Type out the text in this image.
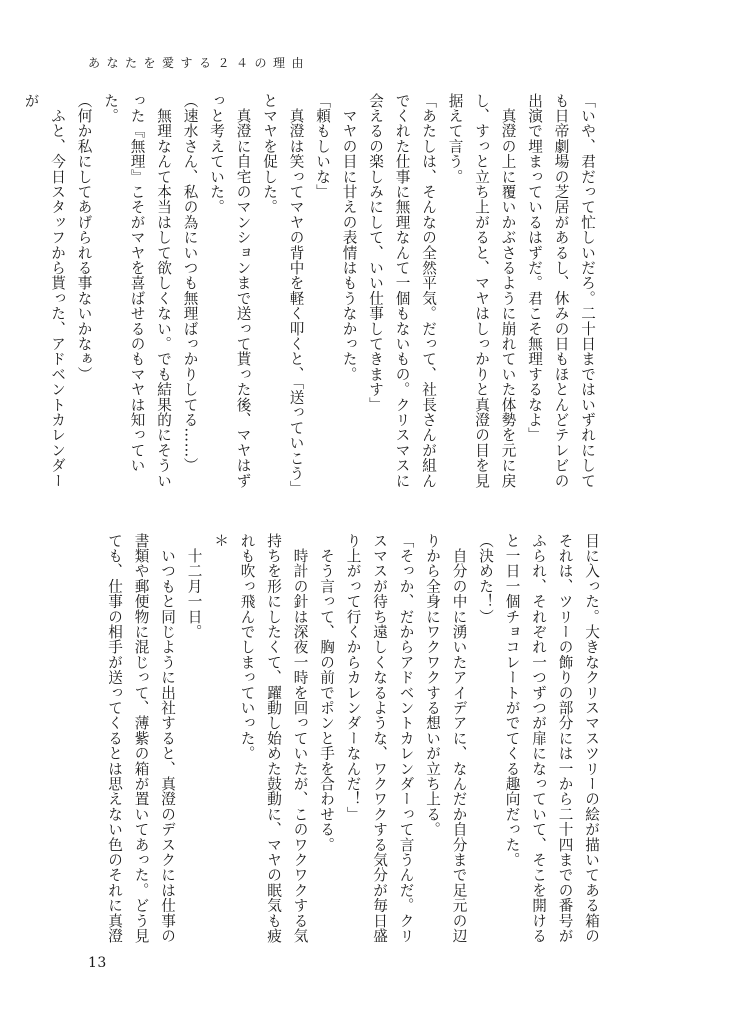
あなたを愛する２４の理由

「いや、君だって忙しいだろ。二十日まではいずれにしても日帝劇場の芝居があるし、休みの日もほとんどテレビの出演で埋まっているはずだ。君こそ無理するなよ」

　真澄の上に覆いかぶさるように崩れていた体勢を元に戻し、すっと立ち上がると、マヤはしっかりと真澄の目を見据えて言う。

「あたしは、そんなの全然平気。だって、社長さんが組んでくれた仕事に無理なんて一個もないもの。クリスマスに会えるの楽しみにして、いい仕事してきます」

　マヤの目に甘えの表情はもうなかった。

「頼もしいな」

　真澄は笑ってマヤの背中を軽く叩くと、「送っていこう」とマヤを促した。

　真澄に自宅のマンションまで送って貰った後、マヤはずっと考えていた。

（速水さん、私の為にいつも無理ばっかりしてる……）

　無理なんて本当はして欲しくない。でも結果的にそういった『無理』こそがマヤを喜ばせるのもマヤは知っていた。

（何か私にしてあげられる事ないかなぁ）

　ふと、今日スタッフから貰った、アドベントカレンダーが

目に入った。大きなクリスマスツリーの絵が描いてある箱のそれは、ツリーの飾りの部分には一から二十四までの番号がふられ、それぞれ一つずつが扉になっていて、そこを開けると一日一個チョコレートがでてくる趣向だった。

（決めた！）

　自分の中に湧いたアイデアに、なんだか自分まで足元の辺りから全身にワクワクする想いが立ち上る。

「そっか、だからアドベントカレンダーって言うんだ。クリスマスが待ち遠しくなるような、ワクワクする気分が毎日盛り上がって行くからカレンダーなんだ！」

　そう言って、胸の前でポンと手を合わせる。

　時計の針は深夜一時を回っていたが、このワクワクする気持ちを形にしたくて、躍動し始めた鼓動に、マヤの眠気も疲れも吹っ飛んでしまっていった。

＊

　十二月一日。

　いつもと同じように出社すると、真澄のデスクには仕事の書類や郵便物に混じって、薄紫の箱が置いてあった。どう見ても、仕事の相手が送ってくるとは思えない色のそれに真澄

13
